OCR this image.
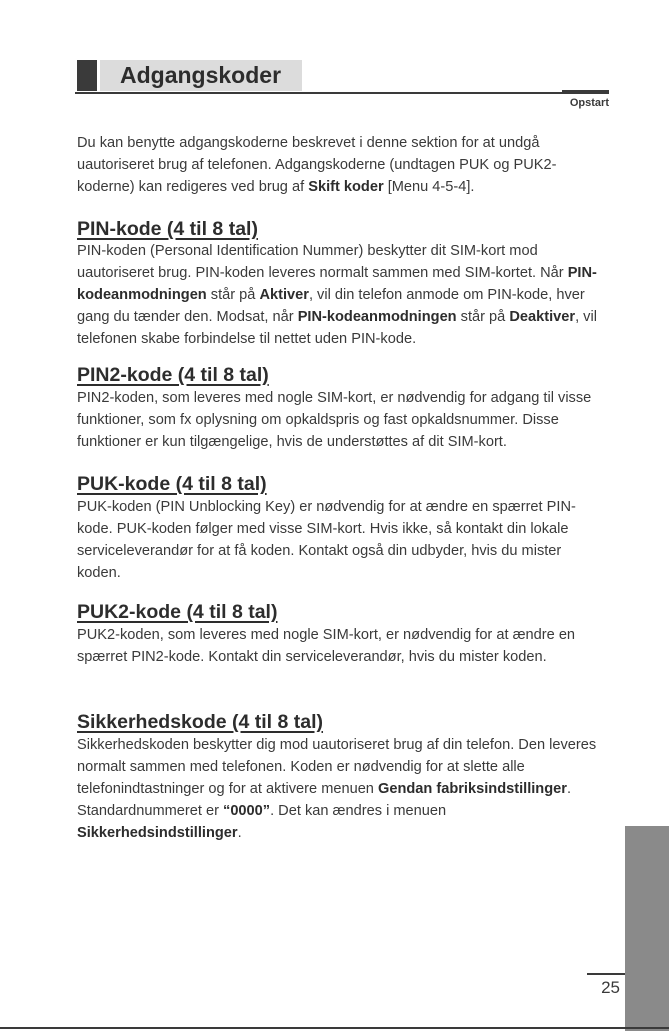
Adgangskoder
Opstart

Du kan benytte adgangskoderne beskrevet i denne sektion for at undgå uautoriseret brug af telefonen. Adgangskoderne (undtagen PUK og PUK2-koderne) kan redigeres ved brug af Skift koder [Menu 4-5-4].

PIN-kode (4 til 8 tal)

PIN-koden (Personal Identification Nummer) beskytter dit SIM-kort mod uautoriseret brug. PIN-koden leveres normalt sammen med SIM-kortet. Når PIN-kodeanmodningen står på Aktiver, vil din telefon anmode om PIN-kode, hver gang du tænder den. Modsat, når PIN-kodeanmodningen står på Deaktiver, vil telefonen skabe forbindelse til nettet uden PIN-kode.

PIN2-kode (4 til 8 tal)

PIN2-koden, som leveres med nogle SIM-kort, er nødvendig for adgang til visse funktioner, som fx oplysning om opkaldspris og fast opkaldsnummer. Disse funktioner er kun tilgængelige, hvis de understøttes af dit SIM-kort.

PUK-kode (4 til 8 tal)

PUK-koden (PIN Unblocking Key) er nødvendig for at ændre en spærret PIN-kode. PUK-koden følger med visse SIM-kort. Hvis ikke, så kontakt din lokale serviceleverandør for at få koden. Kontakt også din udbyder, hvis du mister koden.

PUK2-kode (4 til 8 tal)

PUK2-koden, som leveres med nogle SIM-kort, er nødvendig for at ændre en spærret PIN2-kode. Kontakt din serviceleverandør, hvis du mister koden.

Sikkerhedskode (4 til 8 tal)

Sikkerhedskoden beskytter dig mod uautoriseret brug af din telefon. Den leveres normalt sammen med telefonen. Koden er nødvendig for at slette alle telefonindtastninger og for at aktivere menuen Gendan fabriksindstillinger. Standardnummeret er “0000”. Det kan ændres i menuen Sikkerhedsindstillinger.

25
